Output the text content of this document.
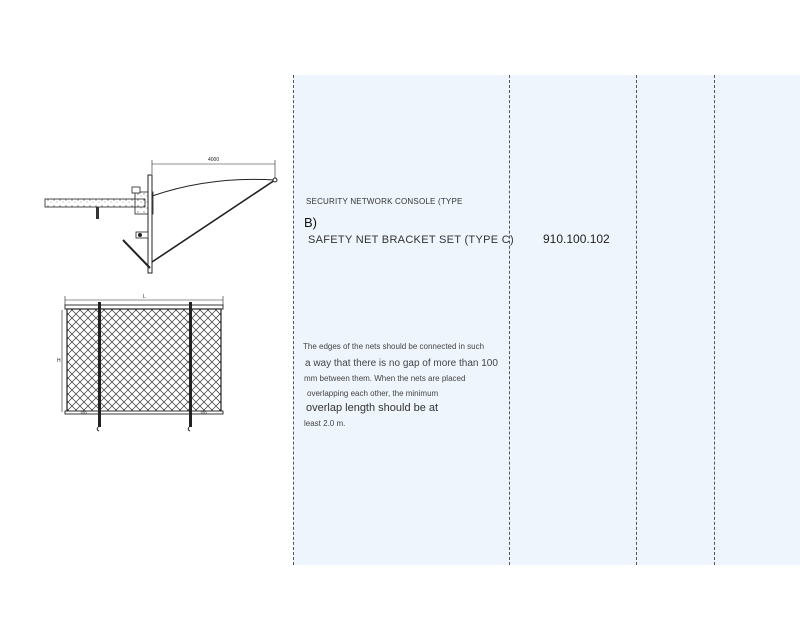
SECURITY NETWORK CONSOLE (TYPE
B)
SAFETY NET BRACKET SET (TYPE C) 910.100.102
The edges of the nets should be connected in such
a way that there is no gap of more than 100
mm between them. When the nets are placed
overlapping each other, the minimum
overlap length should be at
least 2.0 m.
4000
L
H
150	150
